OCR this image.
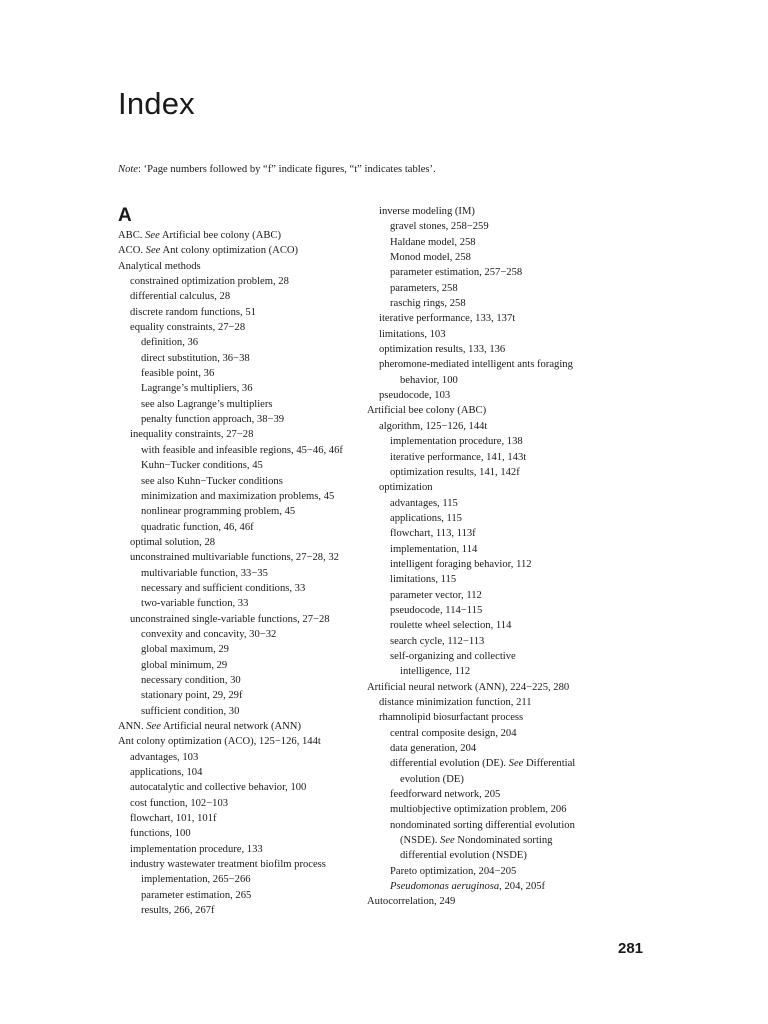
Index
Note: ‘Page numbers followed by “f” indicate figures, “t” indicates tables’.
A
ABC. See Artificial bee colony (ABC)
ACO. See Ant colony optimization (ACO)
Analytical methods
constrained optimization problem, 28
differential calculus, 28
discrete random functions, 51
equality constraints, 27−28
definition, 36
direct substitution, 36−38
feasible point, 36
Lagrange’s multipliers, 36
see also Lagrange’s multipliers
penalty function approach, 38−39
inequality constraints, 27−28
with feasible and infeasible regions, 45−46, 46f
Kuhn−Tucker conditions, 45
see also Kuhn−Tucker conditions
minimization and maximization problems, 45
nonlinear programming problem, 45
quadratic function, 46, 46f
optimal solution, 28
unconstrained multivariable functions, 27−28, 32
multivariable function, 33−35
necessary and sufficient conditions, 33
two-variable function, 33
unconstrained single-variable functions, 27−28
convexity and concavity, 30−32
global maximum, 29
global minimum, 29
necessary condition, 30
stationary point, 29, 29f
sufficient condition, 30
ANN. See Artificial neural network (ANN)
Ant colony optimization (ACO), 125−126, 144t
advantages, 103
applications, 104
autocatalytic and collective behavior, 100
cost function, 102−103
flowchart, 101, 101f
functions, 100
implementation procedure, 133
industry wastewater treatment biofilm process
implementation, 265−266
parameter estimation, 265
results, 266, 267f
inverse modeling (IM)
gravel stones, 258−259
Haldane model, 258
Monod model, 258
parameter estimation, 257−258
parameters, 258
raschig rings, 258
iterative performance, 133, 137t
limitations, 103
optimization results, 133, 136
pheromone-mediated intelligent ants foraging
behavior, 100
pseudocode, 103
Artificial bee colony (ABC)
algorithm, 125−126, 144t
implementation procedure, 138
iterative performance, 141, 143t
optimization results, 141, 142f
optimization
advantages, 115
applications, 115
flowchart, 113, 113f
implementation, 114
intelligent foraging behavior, 112
limitations, 115
parameter vector, 112
pseudocode, 114−115
roulette wheel selection, 114
search cycle, 112−113
self-organizing and collective
intelligence, 112
Artificial neural network (ANN), 224−225, 280
distance minimization function, 211
rhamnolipid biosurfactant process
central composite design, 204
data generation, 204
differential evolution (DE). See Differential
evolution (DE)
feedforward network, 205
multiobjective optimization problem, 206
nondominated sorting differential evolution
(NSDE). See Nondominated sorting
differential evolution (NSDE)
Pareto optimization, 204−205
Pseudomonas aeruginosa, 204, 205f
Autocorrelation, 249
281
